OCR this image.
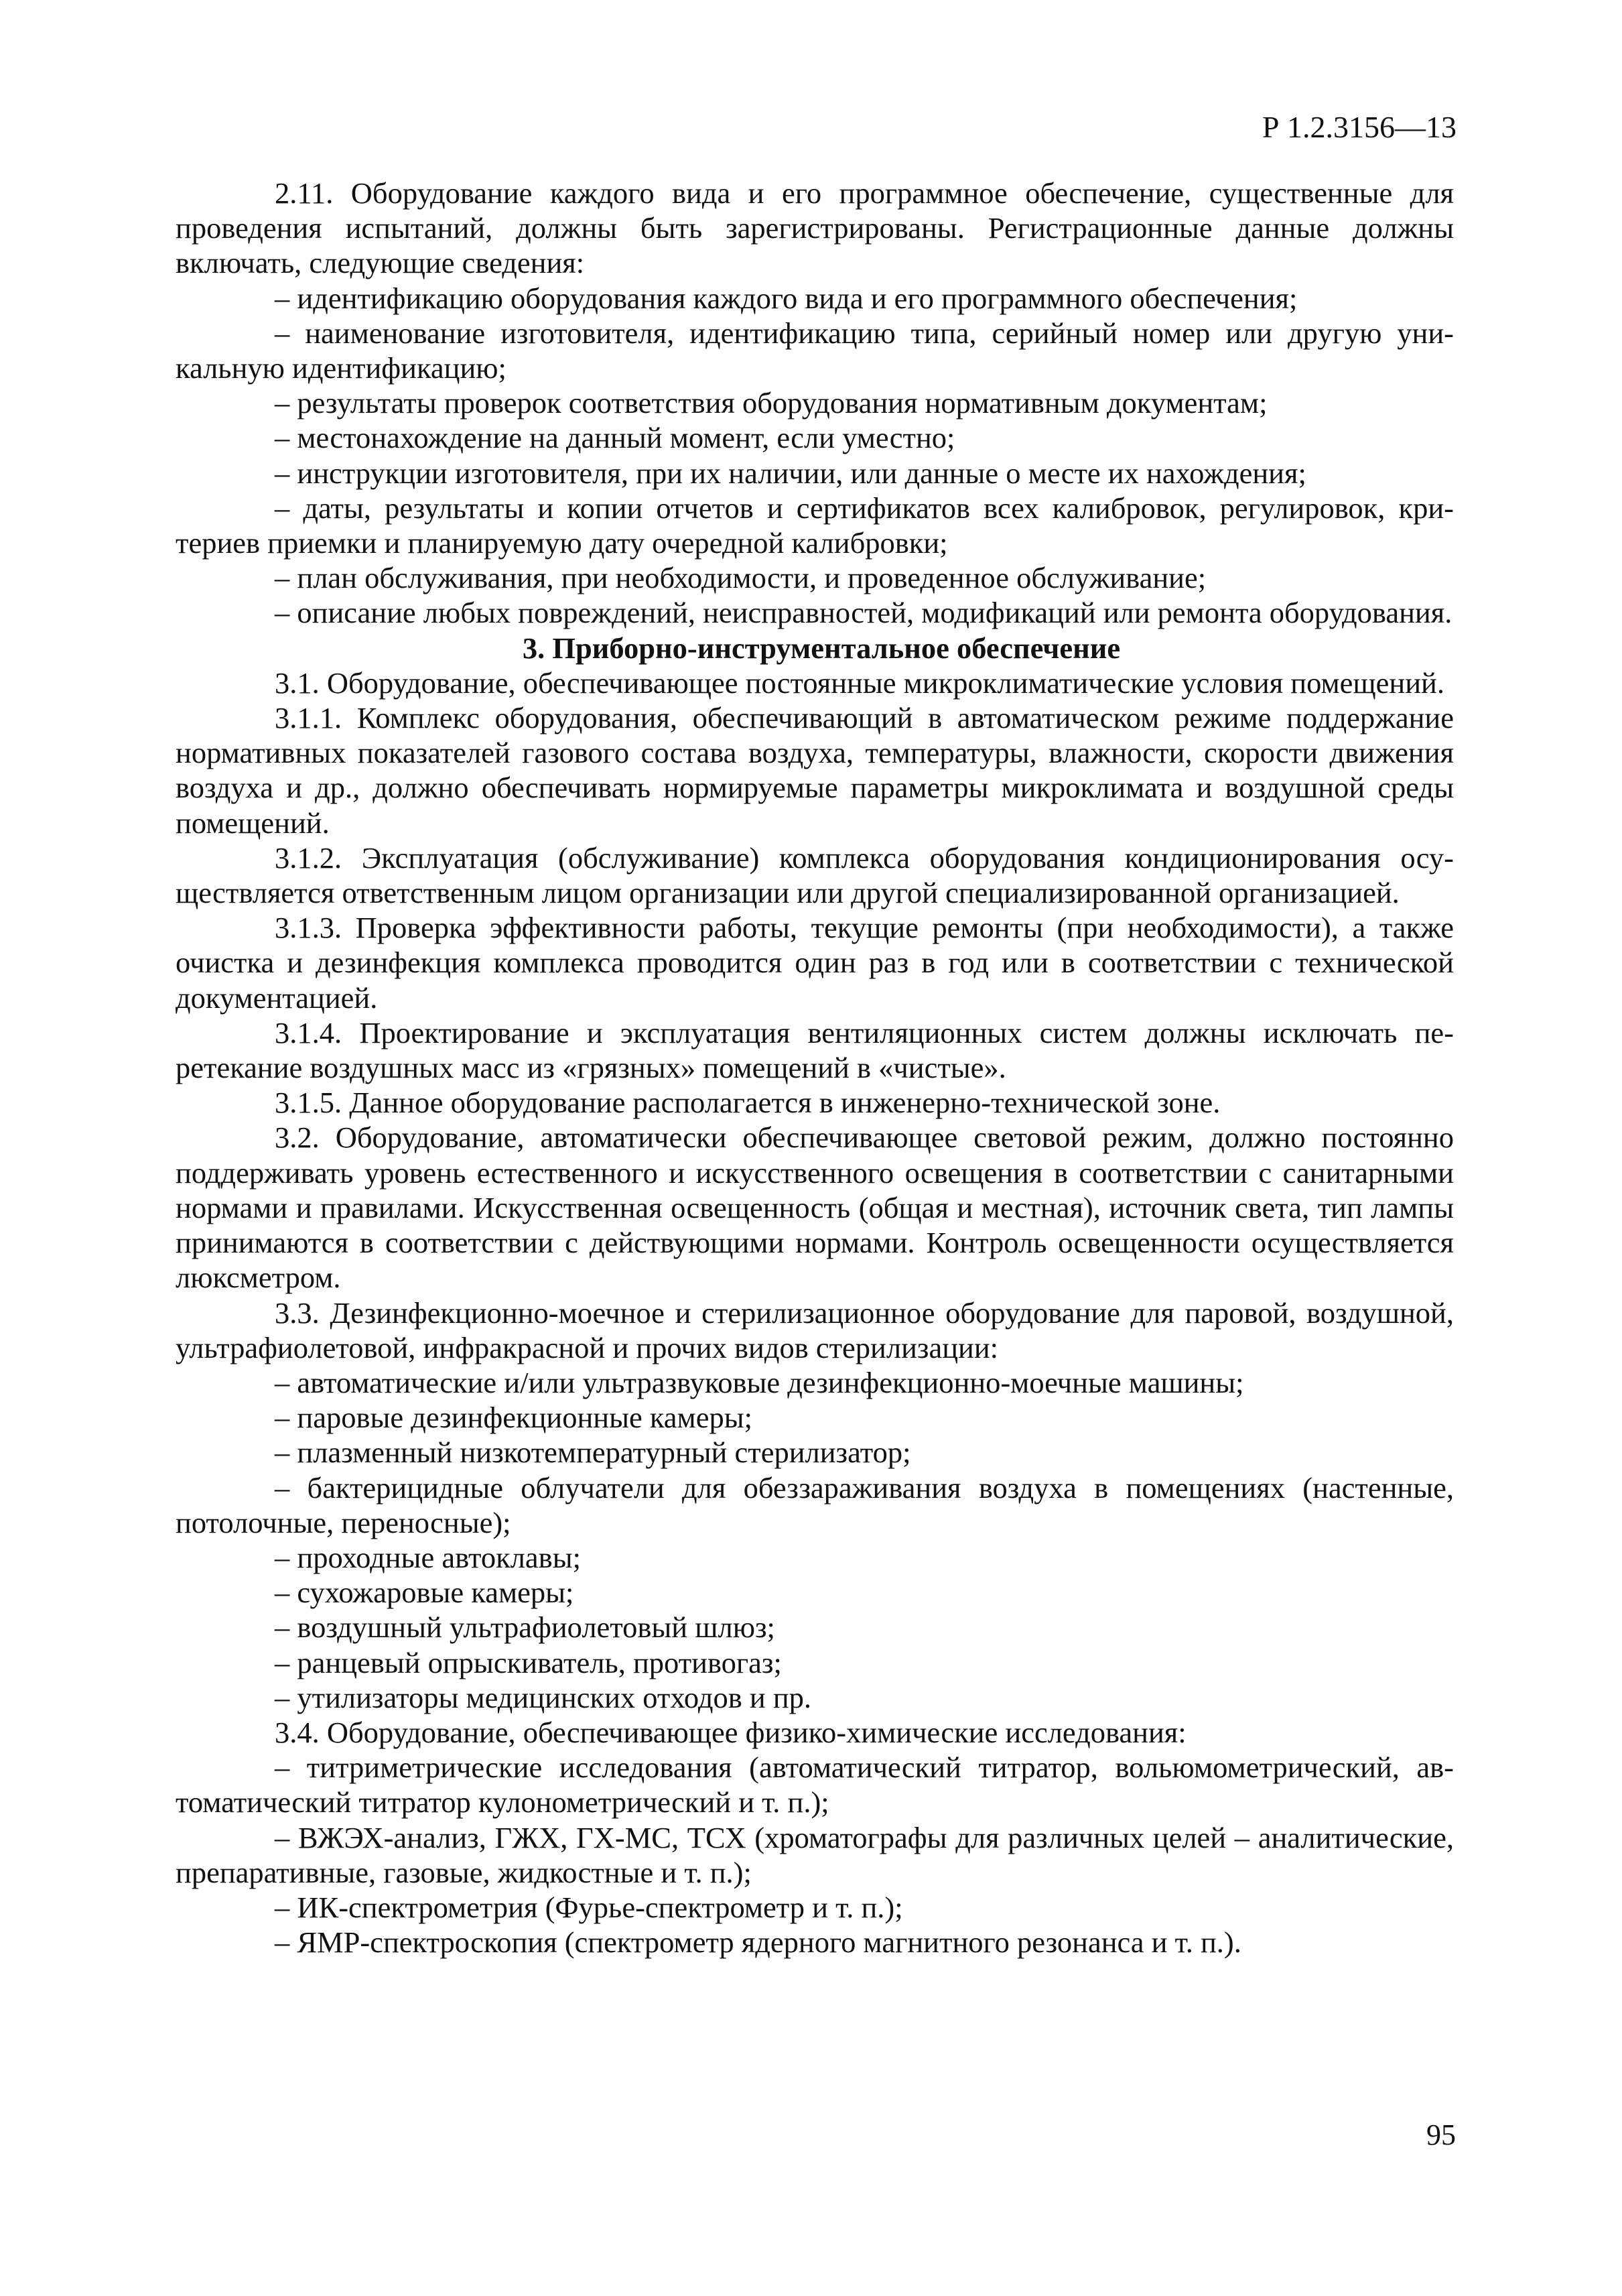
Р 1.2.3156—13

2.11. Оборудование каждого вида и его программное обеспечение, существенные для проведения испытаний, должны быть зарегистрированы. Регистрационные данные должны включать, следующие сведения:

– идентификацию оборудования каждого вида и его программного обеспечения;

– наименование изготовителя, идентификацию типа, серийный номер или другую уникальную идентификацию;

– результаты проверок соответствия оборудования нормативным документам;

– местонахождение на данный момент, если уместно;

– инструкции изготовителя, при их наличии, или данные о месте их нахождения;

– даты, результаты и копии отчетов и сертификатов всех калибровок, регулировок, критериев приемки и планируемую дату очередной калибровки;

– план обслуживания, при необходимости, и проведенное обслуживание;

– описание любых повреждений, неисправностей, модификаций или ремонта оборудования.

3. Приборно-инструментальное обеспечение

3.1. Оборудование, обеспечивающее постоянные микроклиматические условия помещений.

3.1.1. Комплекс оборудования, обеспечивающий в автоматическом режиме поддержание нормативных показателей газового состава воздуха, температуры, влажности, скорости движения воздуха и др., должно обеспечивать нормируемые параметры микроклимата и воздушной среды помещений.

3.1.2. Эксплуатация (обслуживание) комплекса оборудования кондиционирования осуществляется ответственным лицом организации или другой специализированной организацией.

3.1.3. Проверка эффективности работы, текущие ремонты (при необходимости), а также очистка и дезинфекция комплекса проводится один раз в год или в соответствии с технической документацией.

3.1.4. Проектирование и эксплуатация вентиляционных систем должны исключать перетекание воздушных масс из «грязных» помещений в «чистые».

3.1.5. Данное оборудование располагается в инженерно-технической зоне.

3.2. Оборудование, автоматически обеспечивающее световой режим, должно постоянно поддерживать уровень естественного и искусственного освещения в соответствии с санитарными нормами и правилами. Искусственная освещенность (общая и местная), источник света, тип лампы принимаются в соответствии с действующими нормами. Контроль освещенности осуществляется люксметром.

3.3. Дезинфекционно-моечное и стерилизационное оборудование для паровой, воздушной, ультрафиолетовой, инфракрасной и прочих видов стерилизации:

– автоматические и/или ультразвуковые дезинфекционно-моечные машины;

– паровые дезинфекционные камеры;

– плазменный низкотемпературный стерилизатор;

– бактерицидные облучатели для обеззараживания воздуха в помещениях (настенные, потолочные, переносные);

– проходные автоклавы;

– сухожаровые камеры;

– воздушный ультрафиолетовый шлюз;

– ранцевый опрыскиватель, противогаз;

– утилизаторы медицинских отходов и пр.

3.4. Оборудование, обеспечивающее физико-химические исследования:

– титриметрические исследования (автоматический титратор, вольюмометрический, автоматический титратор кулонометрический и т. п.);

– ВЖЭХ-анализ, ГЖХ, ГХ-МС, ТСХ (хроматографы для различных целей – аналитические, препаративные, газовые, жидкостные и т. п.);

– ИК-спектрометрия (Фурье-спектрометр и т. п.);

– ЯМР-спектроскопия (спектрометр ядерного магнитного резонанса и т. п.).

95
